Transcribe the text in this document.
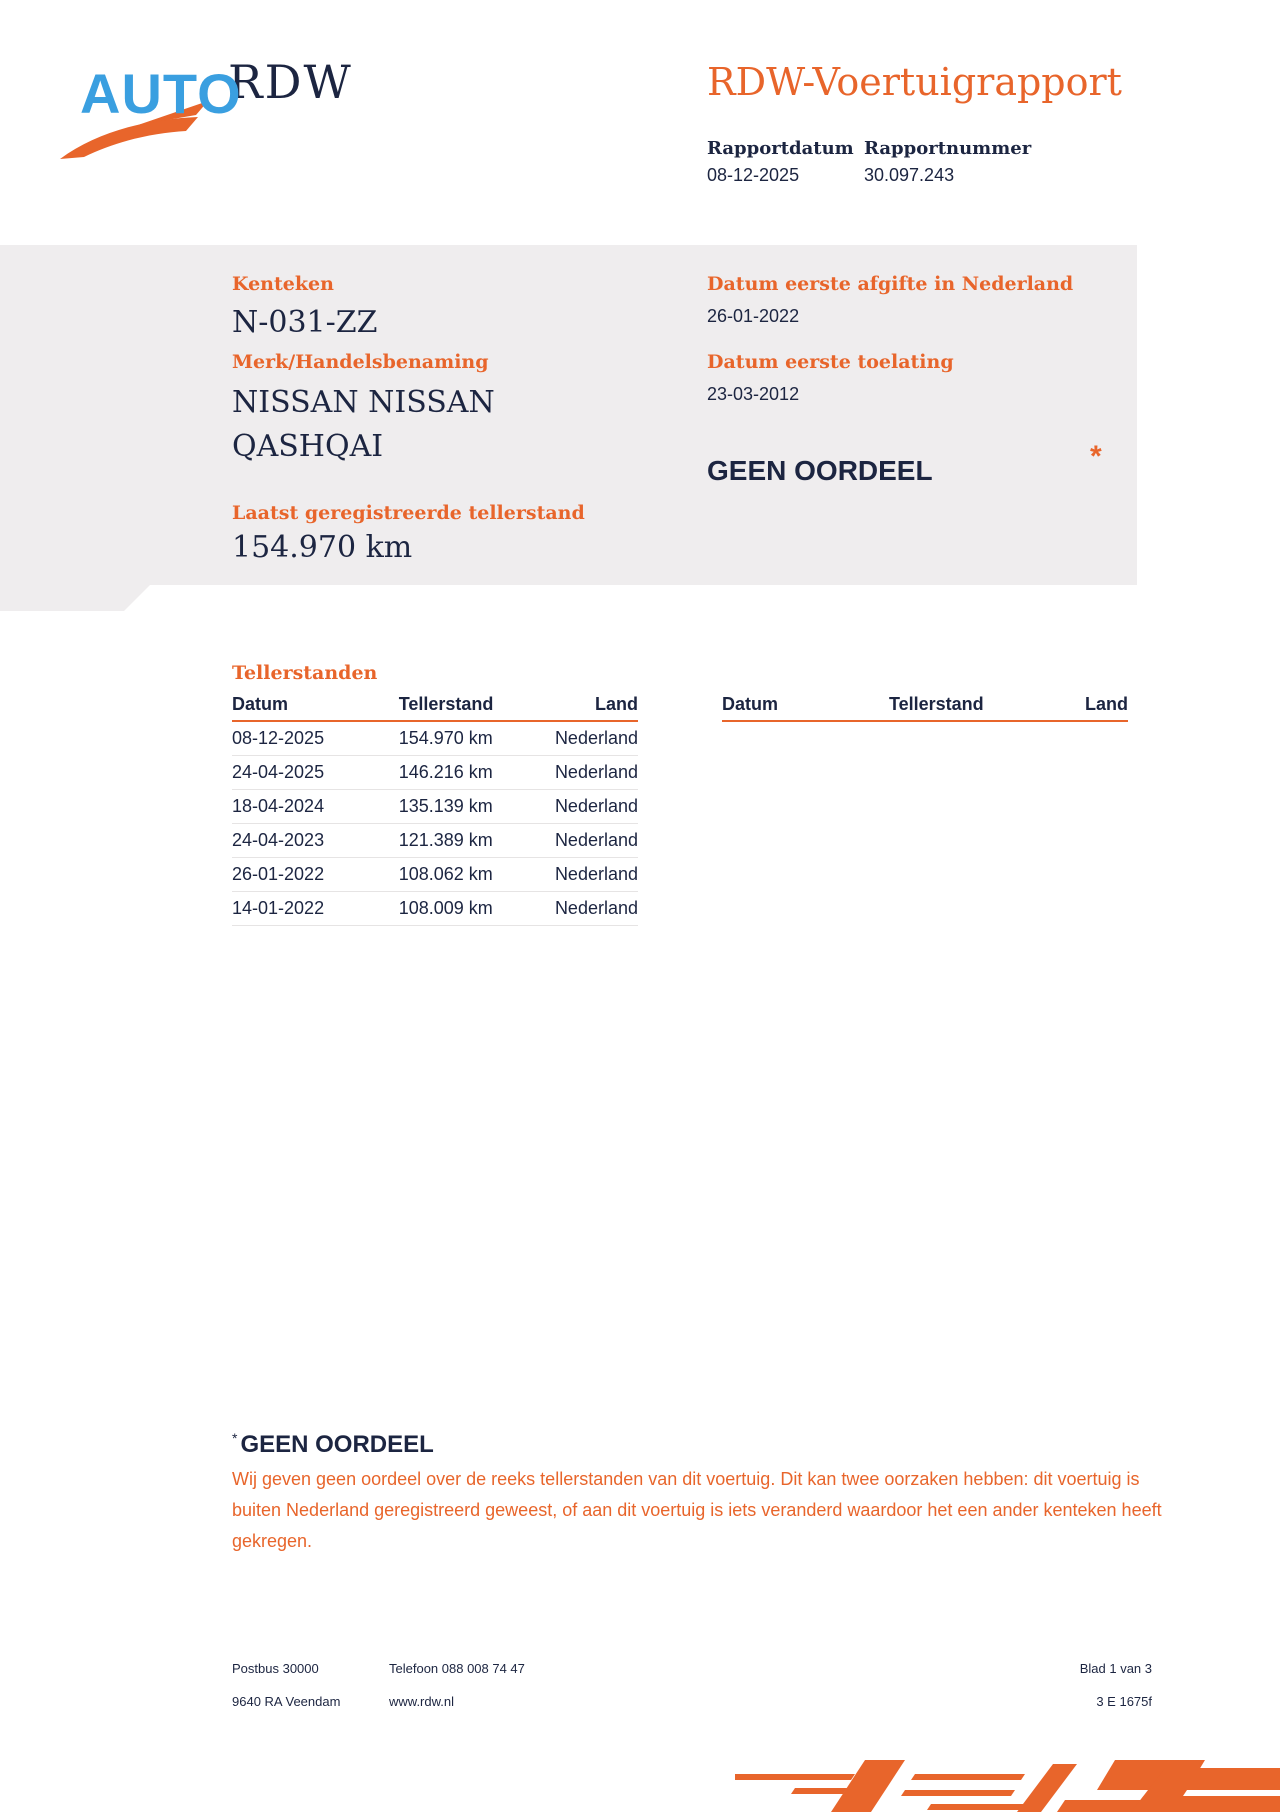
RDW
AUTO	RDW-Voertuigrapport
Rapportdatum
08-12-2025
Rapportnummer
30.097.243
Kenteken
N-031-ZZ
Merk/Handelsbenaming
NISSAN NISSAN
QASHQAI
Laatst geregistreerde tellerstand
154.970 km
Datum eerste afgifte in Nederland
26-01-2022
Datum eerste toelating
23-03-2012
GEEN OORDEEL	*
Tellerstanden
Datum	Tellerstand	Land
08-12-2025	154.970 km	Nederland
24-04-2025	146.216 km	Nederland
18-04-2024	135.139 km	Nederland
24-04-2023	121.389 km	Nederland
26-01-2022	108.062 km	Nederland
14-01-2022	108.009 km	Nederland
Datum	Tellerstand	Land
* GEEN OORDEEL
Wij geven geen oordeel over de reeks tellerstanden van dit voertuig. Dit kan twee oorzaken hebben: dit voertuig is buiten Nederland geregistreerd geweest, of aan dit voertuig is iets veranderd waardoor het een ander kenteken heeft gekregen.
Postbus 30000
9640 RA Veendam
Telefoon 088 008 74 47
www.rdw.nl
Blad 1 van 3
3 E 1675f
